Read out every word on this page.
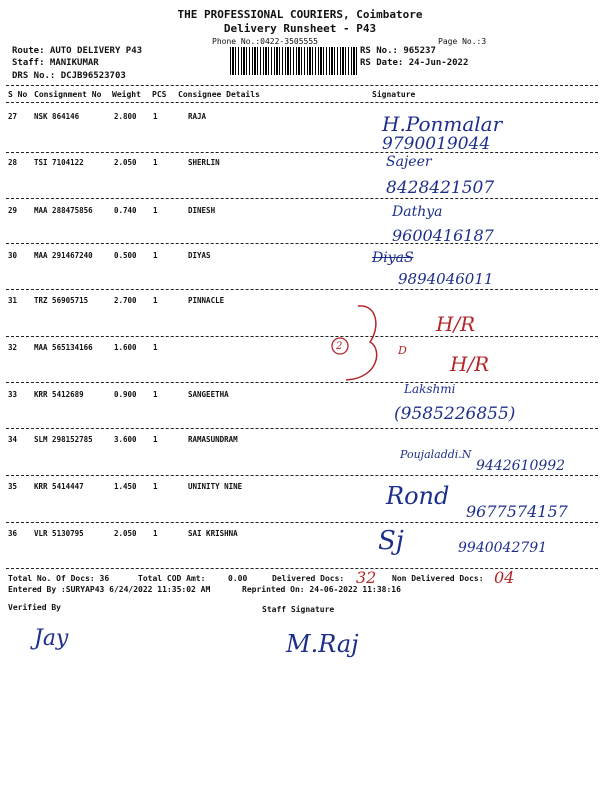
THE PROFESSIONAL COURIERS, Coimbatore
Delivery Runsheet - P43
Phone No.:0422-3505555	Page No.:3
Route: AUTO DELIVERY P43
Staff: MANIKUMAR
DRS No.: DCJB96523703
RS No.: 965237
RS Date: 24-Jun-2022
S No Consignment No Weight PCS Consignee Details	Signature
27 NSK 864146	2.800 1	RAJA	H.Ponmalar
9790019044
28 TSI 7104122	2.050 1	SHERLIN	Sajeer
8428421507
29 MAA 288475856	0.740 1	DINESH	Dathya
9600416187
30 MAA 291467240	0.500 1	DIYAS	DiyaS
9894046011
31 TRZ 56905715	2.700 1	PINNACLE
H/R
32 MAA 565134166	1.600 1
H/R
2	D
33 KRR 5412689	0.900 1	SANGEETHA	Lakshmi
(9585226855)
34 SLM 298152785	3.600 1	RAMASUNDRAM
Poujaladdi.N
9442610992
35 KRR 5414447	1.450 1	UNINITY NINE	Rond
9677574157
36 VLR 5130795	2.050 1	SAI KRISHNA	Sj	9940042791
Total No. Of Docs: 36	Total COD Amt:	0.00	Delivered Docs: 32 Non Delivered Docs: 04
Entered By :SURYAP43 6/24/2022 11:35:02 AM	Reprinted On: 24-06-2022 11:38:16
Verified By	Staff Signature
Jay	M.Raj
